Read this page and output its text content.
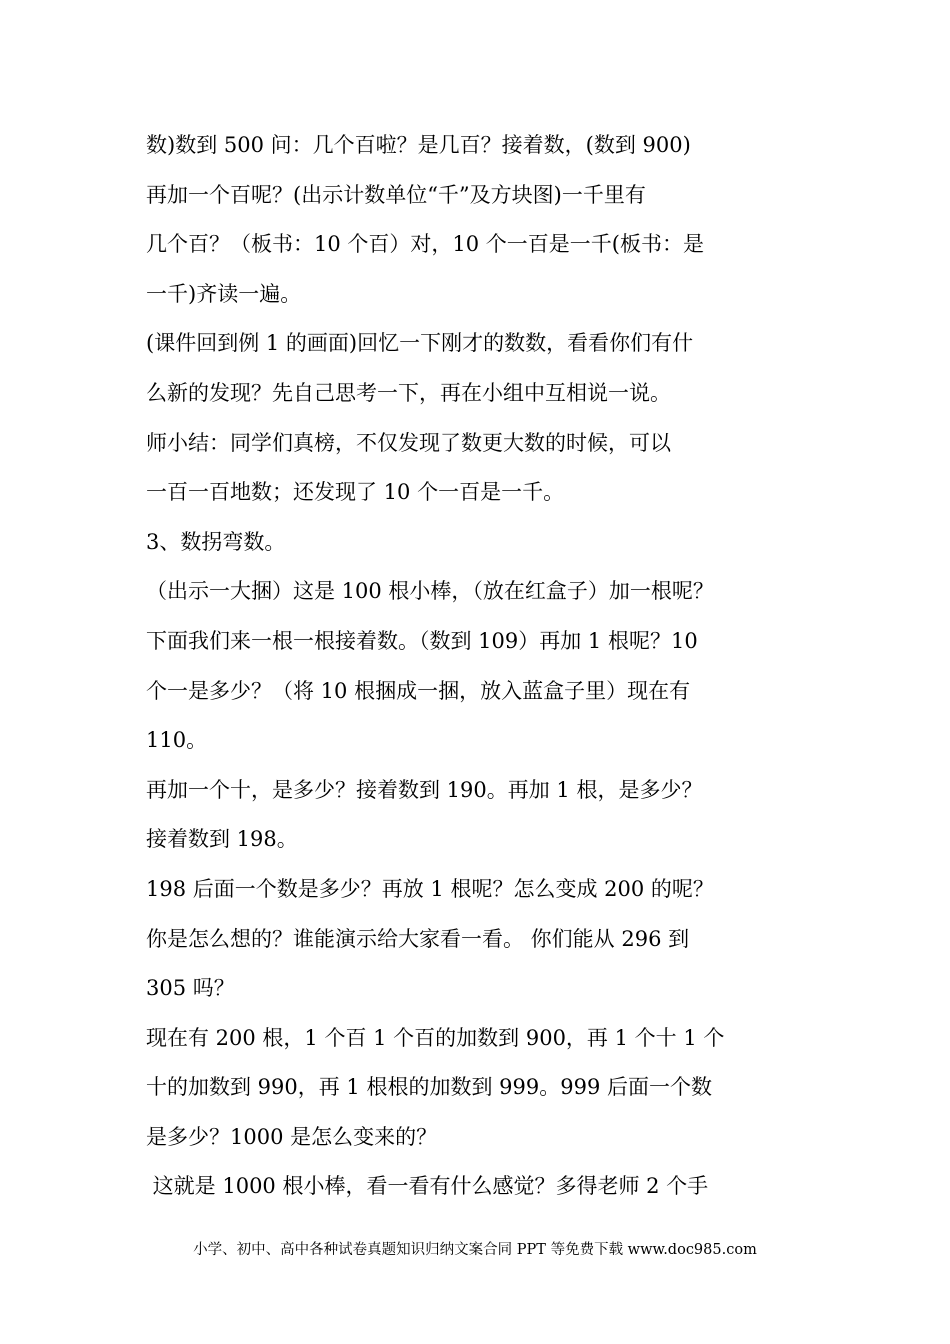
数)数到 500 问：几个百啦？是几百？接着数，(数到 900)
再加一个百呢？(出示计数单位“千”及方块图)一千里有
几个百？（板书：10 个百）对，10 个一百是一千(板书：是
一千)齐读一遍。
(课件回到例 1 的画面)回忆一下刚才的数数，看看你们有什
么新的发现？先自己思考一下，再在小组中互相说一说。
师小结：同学们真榜，不仅发现了数更大数的时候，可以
一百一百地数；还发现了 10 个一百是一千。
3、数拐弯数。
（出示一大捆）这是 100 根小棒，（放在红盒子）加一根呢？
下面我们来一根一根接着数。（数到 109）再加 1 根呢？10
个一是多少？（将 10 根捆成一捆，放入蓝盒子里）现在有
110。
再加一个十，是多少？接着数到 190。再加 1 根，是多少？
接着数到 198。
198 后面一个数是多少？再放 1 根呢？怎么变成 200 的呢？
你是怎么想的？谁能演示给大家看一看。 你们能从 296 到
305 吗？
现在有 200 根，1 个百 1 个百的加数到 900，再 1 个十 1 个
十的加数到 990，再 1 根根的加数到 999。999 后面一个数
是多少？1000 是怎么变来的？
这就是 1000 根小棒，看一看有什么感觉？多得老师 2 个手
小学、初中、高中各种试卷真题知识归纳文案合同 PPT 等免费下载 www.doc985.com
